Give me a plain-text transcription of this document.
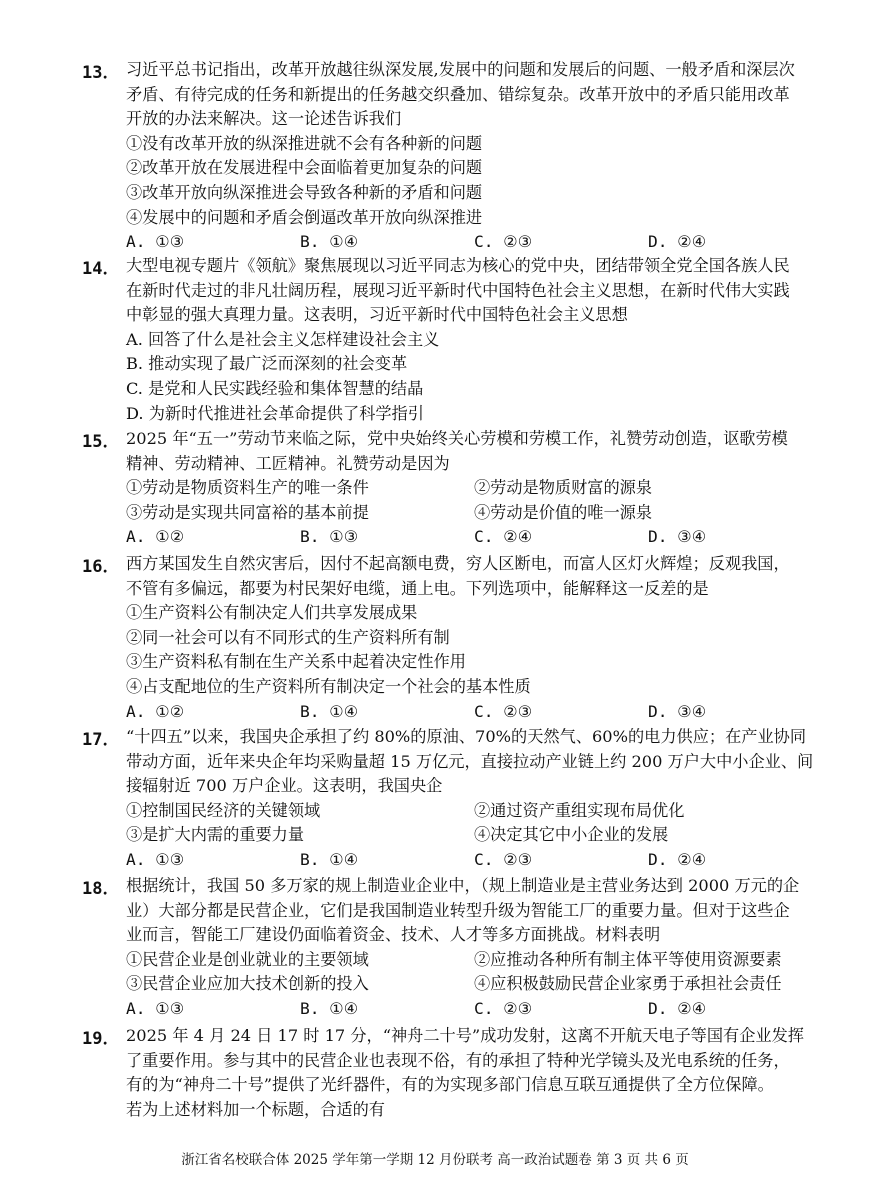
13． 习近平总书记指出，改革开放越往纵深发展,发展中的问题和发展后的问题、一般矛盾和深层次
矛盾、有待完成的任务和新提出的任务越交织叠加、错综复杂。改革开放中的矛盾只能用改革
开放的办法来解决。这一论述告诉我们
①没有改革开放的纵深推进就不会有各种新的问题
②改革开放在发展进程中会面临着更加复杂的问题
③改革开放向纵深推进会导致各种新的矛盾和问题
④发展中的问题和矛盾会倒逼改革开放向纵深推进
A. ①③	B. ①④	C. ②③	D. ②④
14． 大型电视专题片《领航》聚焦展现以习近平同志为核心的党中央，团结带领全党全国各族人民
在新时代走过的非凡壮阔历程，展现习近平新时代中国特色社会主义思想，在新时代伟大实践
中彰显的强大真理力量。这表明，习近平新时代中国特色社会主义思想
A. 回答了什么是社会主义怎样建设社会主义
B. 推动实现了最广泛而深刻的社会变革
C. 是党和人民实践经验和集体智慧的结晶
D. 为新时代推进社会革命提供了科学指引
15． 2025 年“五一”劳动节来临之际，党中央始终关心劳模和劳模工作，礼赞劳动创造，讴歌劳模
精神、劳动精神、工匠精神。礼赞劳动是因为
①劳动是物质资料生产的唯一条件	②劳动是物质财富的源泉
③劳动是实现共同富裕的基本前提	④劳动是价值的唯一源泉
A. ①②	B. ①③	C. ②④	D. ③④
16． 西方某国发生自然灾害后，因付不起高额电费，穷人区断电，而富人区灯火辉煌；反观我国，
不管有多偏远，都要为村民架好电缆，通上电。下列选项中，能解释这一反差的是
①生产资料公有制决定人们共享发展成果
②同一社会可以有不同形式的生产资料所有制
③生产资料私有制在生产关系中起着决定性作用
④占支配地位的生产资料所有制决定一个社会的基本性质
A. ①②	B. ①④	C. ②③	D. ③④
17． “十四五”以来，我国央企承担了约 80%的原油、70%的天然气、60%的电力供应；在产业协同
带动方面，近年来央企年均采购量超 15 万亿元，直接拉动产业链上约 200 万户大中小企业、间
接辐射近 700 万户企业。这表明，我国央企
①控制国民经济的关键领域	②通过资产重组实现布局优化
③是扩大内需的重要力量	④决定其它中小企业的发展
A. ①③	B. ①④	C. ②③	D. ②④
18． 根据统计，我国 50 多万家的规上制造业企业中，（规上制造业是主营业务达到 2000 万元的企
业）大部分都是民营企业，它们是我国制造业转型升级为智能工厂的重要力量。但对于这些企
业而言，智能工厂建设仍面临着资金、技术、人才等多方面挑战。材料表明
①民营企业是创业就业的主要领域	②应推动各种所有制主体平等使用资源要素
③民营企业应加大技术创新的投入	④应积极鼓励民营企业家勇于承担社会责任
A. ①③	B. ①④	C. ②③	D. ②④
19． 2025 年 4 月 24 日 17 时 17 分，“神舟二十号”成功发射，这离不开航天电子等国有企业发挥
了重要作用。参与其中的民营企业也表现不俗，有的承担了特种光学镜头及光电系统的任务，
有的为“神舟二十号”提供了光纤器件，有的为实现多部门信息互联互通提供了全方位保障。
若为上述材料加一个标题，合适的有
浙江省名校联合体 2025 学年第一学期 12 月份联考 高一政治试题卷 第 3 页 共 6 页
